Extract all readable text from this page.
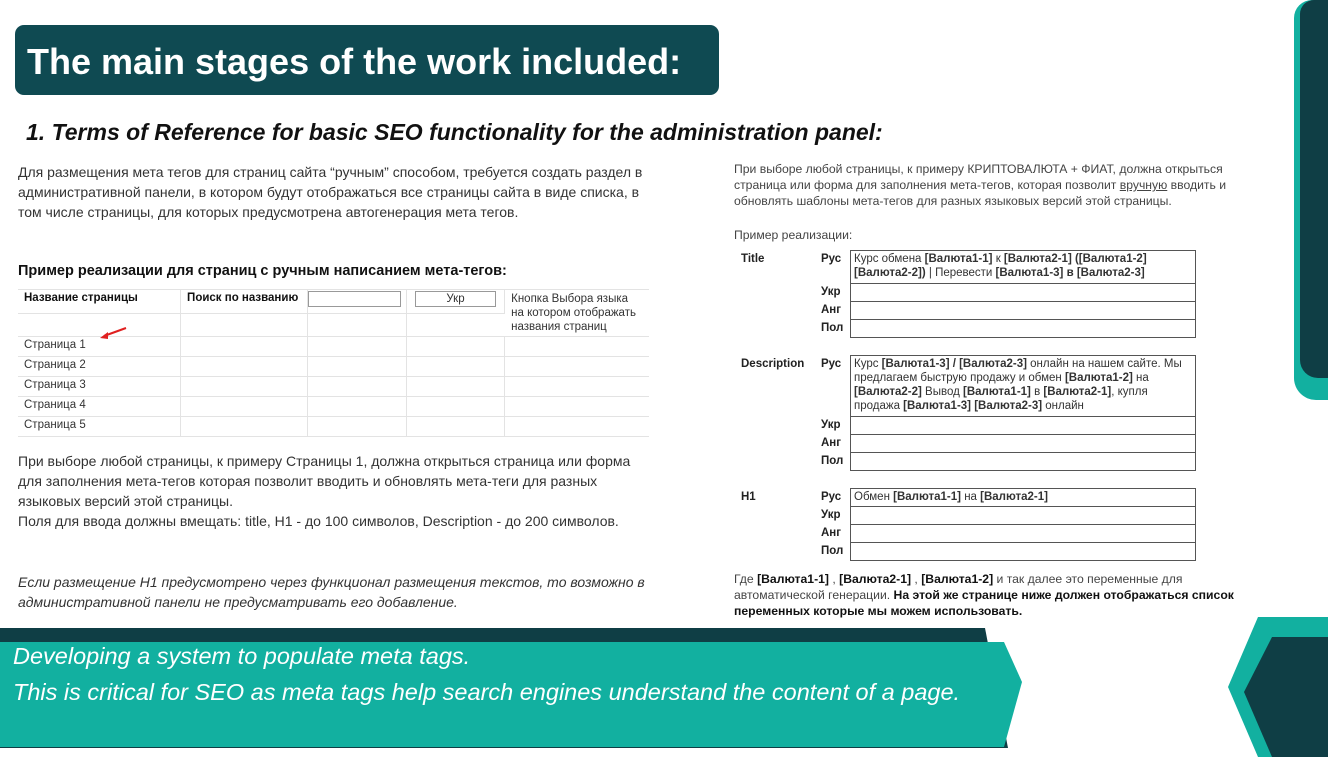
The main stages of the work included:
1. Terms of Reference for basic SEO functionality for the administration panel:
Для размещения мета тегов для страниц сайта “ручным” способом, требуется создать раздел в административной панели, в котором будут отображаться все страницы сайта в виде списка, в том числе страницы, для которых предусмотрена автогенерация мета тегов.
Пример реализации для страниц с ручным написанием мета-тегов:
Название страницы	Поиск по названию		Укр	Кнопка Выбора языка на котором отображать названия страниц

Страница 1				
Страница 2				
Страница 3				
Страница 4				
Страница 5				
При выборе любой страницы, к примеру Страницы 1, должна открыться страница или форма для заполнения мета-тегов которая позволит вводить и обновлять мета-теги для разных языковых версий этой страницы.
Поля для ввода должны вмещать: title, H1 - до 100 символов, Description - до 200 символов.
Если размещение H1 предусмотрено через функционал размещения текстов, то возможно в административной панели не предусматривать его добавление.
При выборе любой страницы, к примеру КРИПТОВАЛЮТА + ФИАТ, должна открыться страница или форма для заполнения мета-тегов, которая позволит вручную вводить и обновлять шаблоны мета-тегов для разных языковых версий этой страницы.
Пример реализации:
Title	Рус	Курс обмена [Валюта1-1] к [Валюта2-1] ([Валюта1-2] [Валюта2-2]) | Перевести [Валюта1-3] в [Валюта2-3]
	Укр	
	Анг	
	Пол	
Description	Рус	Курс [Валюта1-3] / [Валюта2-3] онлайн на нашем сайте. Мы предлагаем быструю продажу и обмен [Валюта1-2] на [Валюта2-2] Вывод [Валюта1-1] в [Валюта2-1], купля продажа [Валюта1-3] [Валюта2-3] онлайн
	Укр	
	Анг	
	Пол	
H1	Рус	Обмен [Валюта1-1] на [Валюта2-1]
	Укр	
	Анг	
	Пол	
Где [Валюта1-1] , [Валюта2-1] , [Валюта1-2] и так далее это переменные для автоматической генерации. На этой же странице ниже должен отображаться список переменных которые мы можем использовать.
Developing a system to populate meta tags.
This is critical for SEO as meta tags help search engines understand the content of a page.
